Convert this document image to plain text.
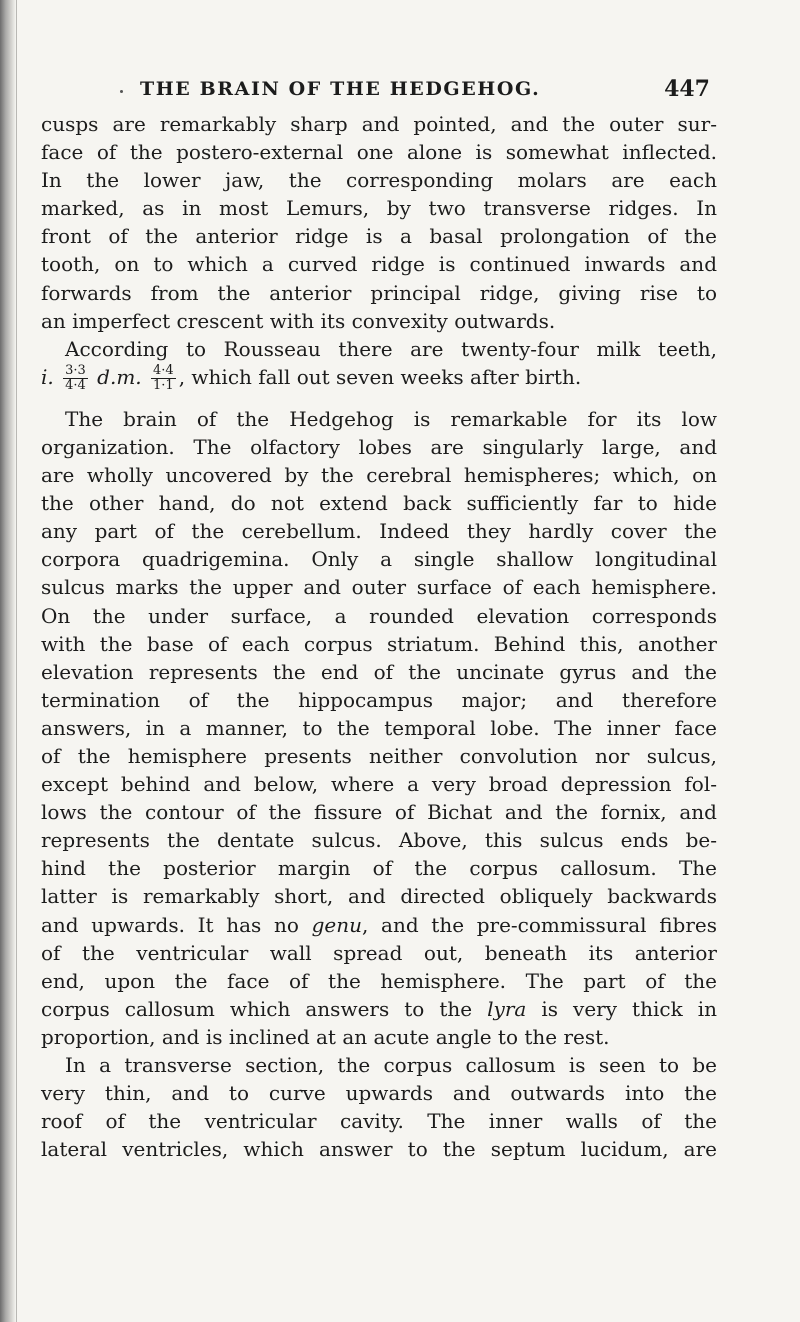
THE BRAIN OF THE HEDGEHOG.	447
cusps are remarkably sharp and pointed, and the outer sur-
face of the postero-external one alone is somewhat inflected.
In the lower jaw, the corresponding molars are each
marked, as in most Lemurs, by two transverse ridges. In
front of the anterior ridge is a basal prolongation of the
tooth, on to which a curved ridge is continued inwards and
forwards from the anterior principal ridge, giving rise to
an imperfect crescent with its convexity outwards.
According to Rousseau there are twenty-four milk teeth,
i. $\frac{3\cdot 3}{4\cdot 4} d.m$. $\frac{4\cdot 4}{1\cdot 1}$ , which fall out seven weeks after birth.
The brain of the Hedgehog is remarkable for its low
organization. The olfactory lobes are singularly large, and
are wholly uncovered by the cerebral hemispheres; which, on
the other hand, do not extend back sufficiently far to hide
any part of the cerebellum. Indeed they hardly cover the
corpora quadrigemina. Only a single shallow longitudinal
sulcus marks the upper and outer surface of each hemisphere.
On the under surface, a rounded elevation corresponds
with the base of each corpus striatum. Behind this, another
elevation represents the end of the uncinate gyrus and the
termination of the hippocampus major; and therefore
answers, in a manner, to the temporal lobe. The inner face
of the hemisphere presents neither convolution nor sulcus,
except behind and below, where a very broad depression fol-
lows the contour of the fissure of Bichat and the fornix, and
represents the dentate sulcus. Above, this sulcus ends be-
hind the posterior margin of the corpus callosum. The
latter is remarkably short, and directed obliquely backwards
and upwards. It has no genu, and the pre-commissural fibres
of the ventricular wall spread out, beneath its anterior
end, upon the face of the hemisphere. The part of the
corpus callosum which answers to the lyra is very thick in
proportion, and is inclined at an acute angle to the rest.
In a transverse section, the corpus callosum is seen to be
very thin, and to curve upwards and outwards into the
roof of the ventricular cavity. The inner walls of the
lateral ventricles, which answer to the septum lucidum, are
